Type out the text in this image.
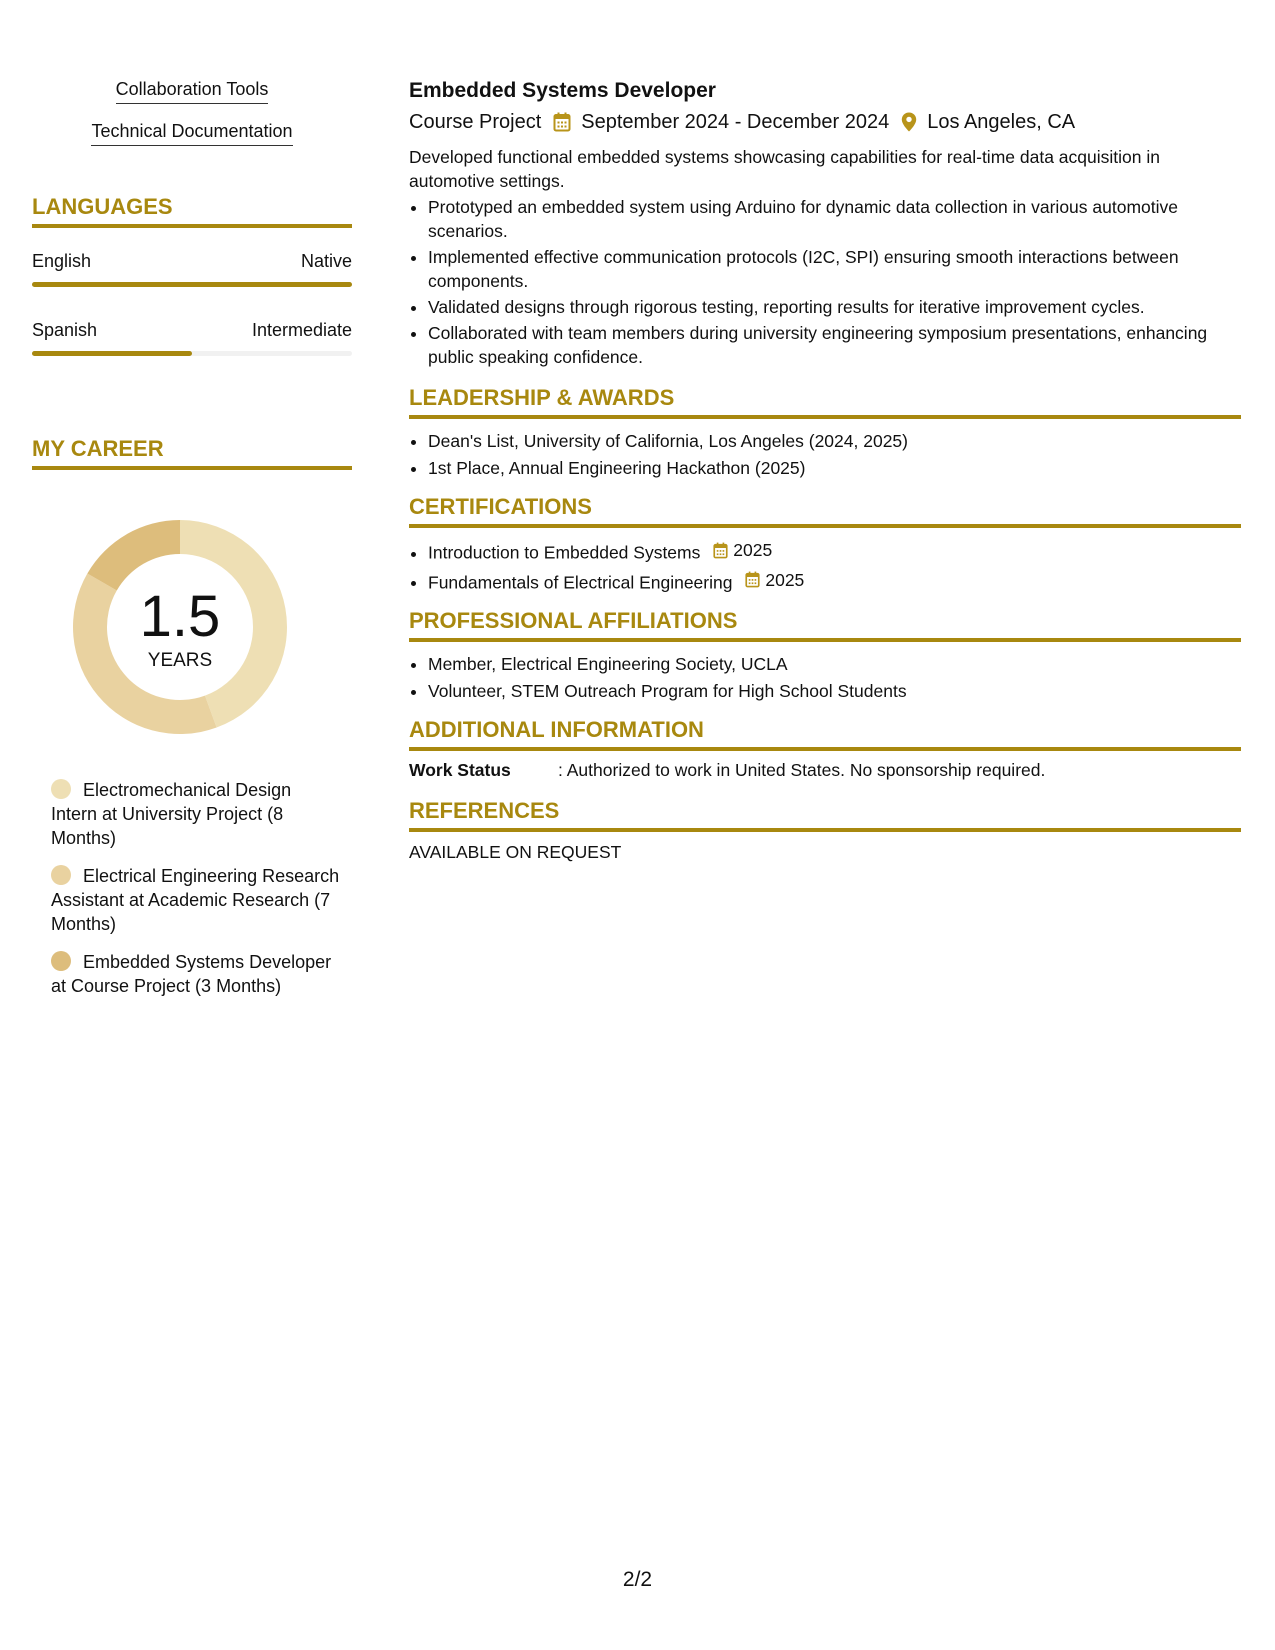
Collaboration Tools
Technical Documentation
LANGUAGES
English	Native
Spanish	Intermediate
MY CAREER
1.5
YEARS
Electromechanical Design Intern at University Project (8 Months)
Electrical Engineering Research Assistant at Academic Research (7 Months)
Embedded Systems Developer at Course Project (3 Months)
Embedded Systems Developer
Course Project September 2024 - December 2024 Los Angeles, CA
Developed functional embedded systems showcasing capabilities for real-time data acquisition in automotive settings.
• Prototyped an embedded system using Arduino for dynamic data collection in various automotive scenarios.
• Implemented effective communication protocols (I2C, SPI) ensuring smooth interactions between components.
• Validated designs through rigorous testing, reporting results for iterative improvement cycles.
• Collaborated with team members during university engineering symposium presentations, enhancing public speaking confidence.
LEADERSHIP & AWARDS
• Dean's List, University of California, Los Angeles (2024, 2025)
• 1st Place, Annual Engineering Hackathon (2025)
CERTIFICATIONS
• Introduction to Embedded Systems 2025
• Fundamentals of Electrical Engineering 2025
PROFESSIONAL AFFILIATIONS
• Member, Electrical Engineering Society, UCLA
• Volunteer, STEM Outreach Program for High School Students
ADDITIONAL INFORMATION
Work Status	: Authorized to work in United States. No sponsorship required.
REFERENCES
AVAILABLE ON REQUEST
2/2
